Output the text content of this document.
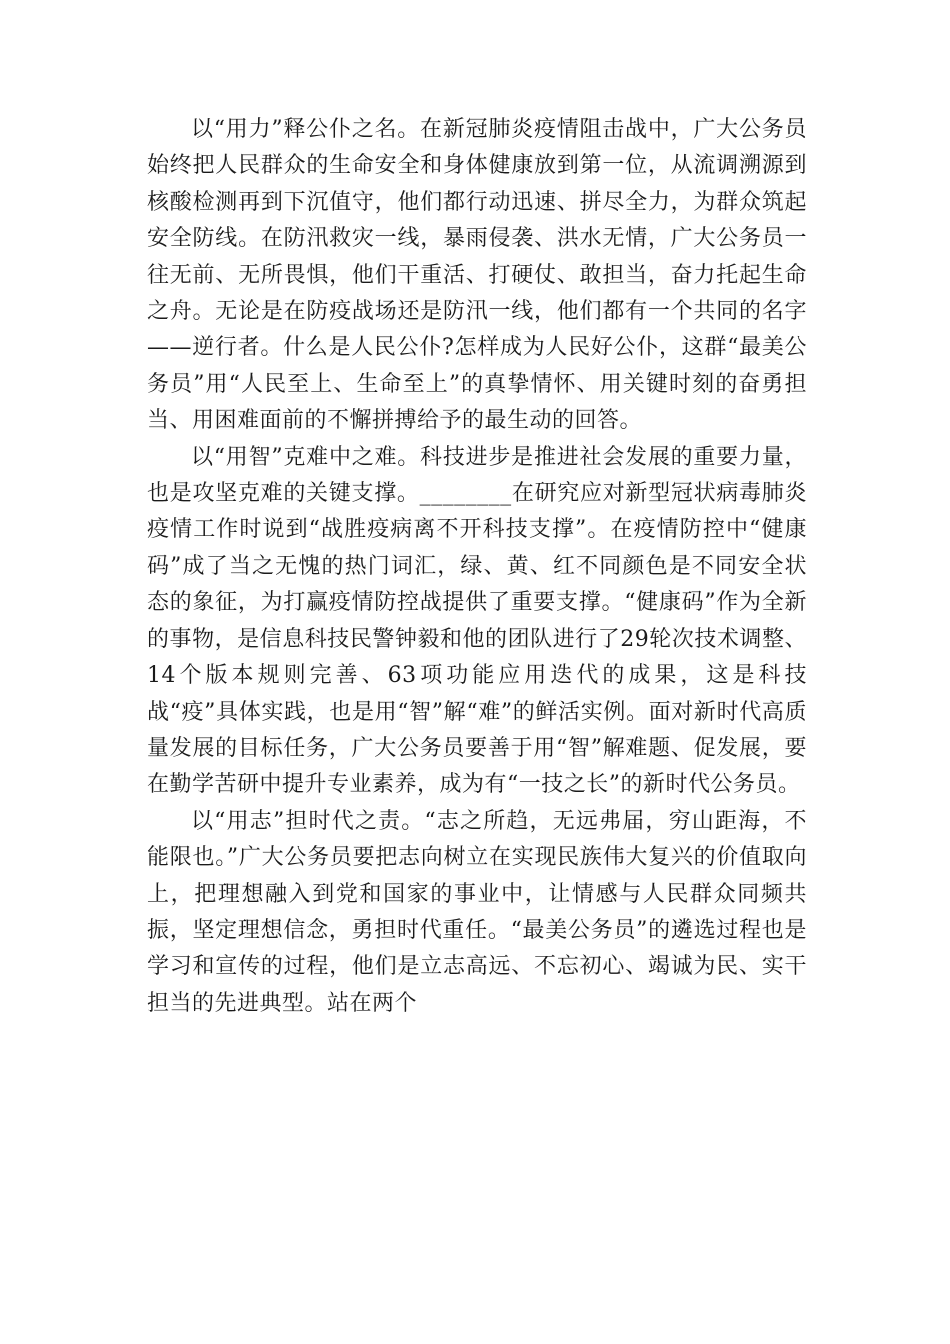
以“用力”释公仆之名。在新冠肺炎疫情阻击战中，广大公务员始终把人民群众的生命安全和身体健康放到第一位，从流调溯源到核酸检测再到下沉值守，他们都行动迅速、拼尽全力，为群众筑起安全防线。在防汛救灾一线，暴雨侵袭、洪水无情，广大公务员一往无前、无所畏惧，他们干重活、打硬仗、敢担当，奋力托起生命之舟。无论是在防疫战场还是防汛一线，他们都有一个共同的名字——逆行者。什么是人民公仆?怎样成为人民好公仆，这群“最美公务员”用“人民至上、生命至上”的真挚情怀、用关键时刻的奋勇担当、用困难面前的不懈拼搏给予的最生动的回答。

以“用智”克难中之难。科技进步是推进社会发展的重要力量，也是攻坚克难的关键支撑。________在研究应对新型冠状病毒肺炎疫情工作时说到“战胜疫病离不开科技支撑”。在疫情防控中“健康码”成了当之无愧的热门词汇，绿、黄、红不同颜色是不同安全状态的象征，为打赢疫情防控战提供了重要支撑。“健康码”作为全新的事物，是信息科技民警钟毅和他的团队进行了29轮次技术调整、14个版本规则完善、63项功能应用迭代的成果，这是科技战“疫”具体实践，也是用“智”解“难”的鲜活实例。面对新时代高质量发展的目标任务，广大公务员要善于用“智”解难题、促发展，要在勤学苦研中提升专业素养，成为有“一技之长”的新时代公务员。

以“用志”担时代之责。“志之所趋，无远弗届，穷山距海，不能限也。”广大公务员要把志向树立在实现民族伟大复兴的价值取向上，把理想融入到党和国家的事业中，让情感与人民群众同频共振，坚定理想信念，勇担时代重任。“最美公务员”的遴选过程也是学习和宣传的过程，他们是立志高远、不忘初心、竭诚为民、实干担当的先进典型。站在两个
